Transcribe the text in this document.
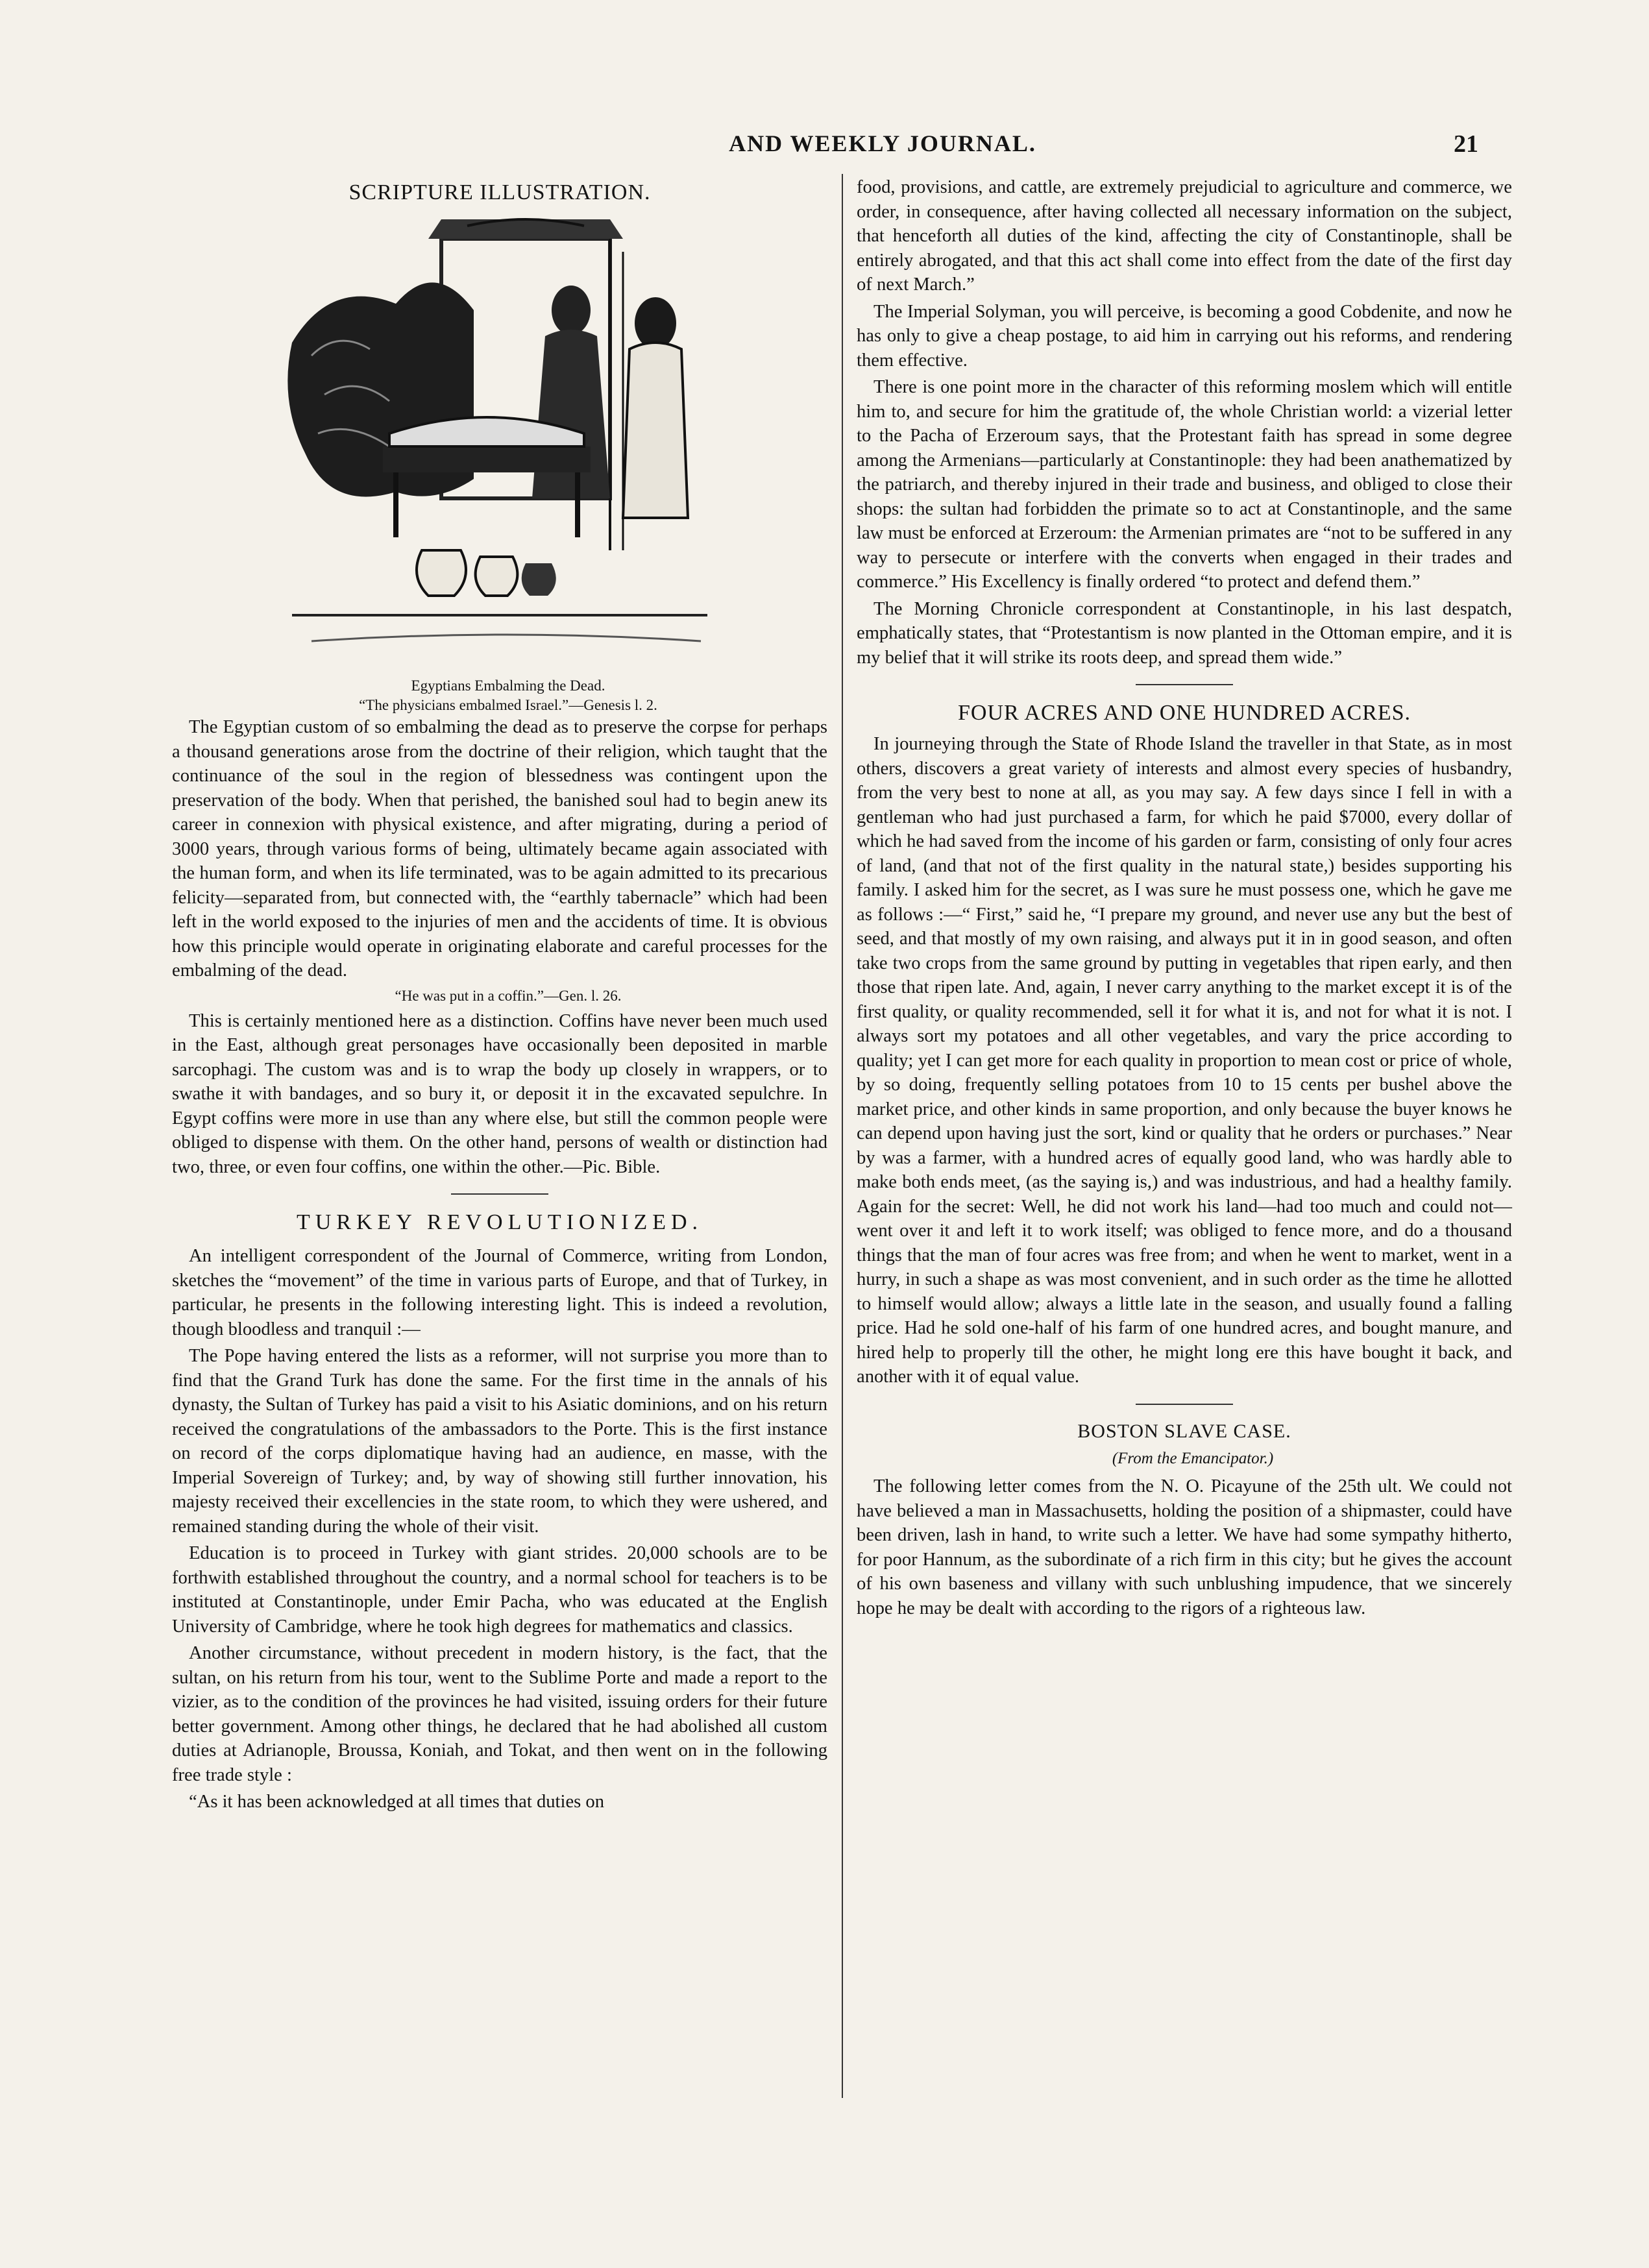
AND WEEKLY JOURNAL.	21
SCRIPTURE ILLUSTRATION.

Egyptians Embalming the Dead.

“The physicians embalmed Israel.”—Genesis l. 2.

The Egyptian custom of so embalming the dead as to preserve the corpse for perhaps a thousand generations arose from the doctrine of their religion, which taught that the continuance of the soul in the region of blessedness was contingent upon the preservation of the body. When that perished, the banished soul had to begin anew its career in connexion with physical existence, and after migrating, during a period of 3000 years, through various forms of being, ultimately became again associated with the human form, and when its life terminated, was to be again admitted to its precarious felicity—separated from, but connected with, the “earthly tabernacle” which had been left in the world exposed to the injuries of men and the accidents of time. It is obvious how this principle would operate in originating elaborate and careful processes for the embalming of the dead.

“He was put in a coffin.”—Gen. l. 26.

This is certainly mentioned here as a distinction. Coffins have never been much used in the East, although great personages have occasionally been deposited in marble sarcophagi. The custom was and is to wrap the body up closely in wrappers, or to swathe it with bandages, and so bury it, or deposit it in the excavated sepulchre. In Egypt coffins were more in use than any where else, but still the common people were obliged to dispense with them. On the other hand, persons of wealth or distinction had two, three, or even four coffins, one within the other.—Pic. Bible.

TURKEY REVOLUTIONIZED.

An intelligent correspondent of the Journal of Commerce, writing from London, sketches the “movement” of the time in various parts of Europe, and that of Turkey, in particular, he presents in the following interesting light. This is indeed a revolution, though bloodless and tranquil :—

The Pope having entered the lists as a reformer, will not surprise you more than to find that the Grand Turk has done the same. For the first time in the annals of his dynasty, the Sultan of Turkey has paid a visit to his Asiatic dominions, and on his return received the congratulations of the ambassadors to the Porte. This is the first instance on record of the corps diplomatique having had an audience, en masse, with the Imperial Sovereign of Turkey; and, by way of showing still further innovation, his majesty received their excellencies in the state room, to which they were ushered, and remained standing during the whole of their visit.

Education is to proceed in Turkey with giant strides. 20,000 schools are to be forthwith established throughout the country, and a normal school for teachers is to be instituted at Constantinople, under Emir Pacha, who was educated at the English University of Cambridge, where he took high degrees for mathematics and classics.

Another circumstance, without precedent in modern history, is the fact, that the sultan, on his return from his tour, went to the Sublime Porte and made a report to the vizier, as to the condition of the provinces he had visited, issuing orders for their future better government. Among other things, he declared that he had abolished all custom duties at Adrianople, Broussa, Koniah, and Tokat, and then went on in the following free trade style :

“As it has been acknowledged at all times that duties on

food, provisions, and cattle, are extremely prejudicial to agriculture and commerce, we order, in consequence, after having collected all necessary information on the subject, that henceforth all duties of the kind, affecting the city of Constantinople, shall be entirely abrogated, and that this act shall come into effect from the date of the first day of next March.”

The Imperial Solyman, you will perceive, is becoming a good Cobdenite, and now he has only to give a cheap postage, to aid him in carrying out his reforms, and rendering them effective.

There is one point more in the character of this reforming moslem which will entitle him to, and secure for him the gratitude of, the whole Christian world: a vizerial letter to the Pacha of Erzeroum says, that the Protestant faith has spread in some degree among the Armenians—particularly at Constantinople: they had been anathematized by the patriarch, and thereby injured in their trade and business, and obliged to close their shops: the sultan had forbidden the primate so to act at Constantinople, and the same law must be enforced at Erzeroum: the Armenian primates are “not to be suffered in any way to persecute or interfere with the converts when engaged in their trades and commerce.” His Excellency is finally ordered “to protect and defend them.”

The Morning Chronicle correspondent at Constantinople, in his last despatch, emphatically states, that “Protestantism is now planted in the Ottoman empire, and it is my belief that it will strike its roots deep, and spread them wide.”

FOUR ACRES AND ONE HUNDRED ACRES.

In journeying through the State of Rhode Island the traveller in that State, as in most others, discovers a great variety of interests and almost every species of husbandry, from the very best to none at all, as you may say. A few days since I fell in with a gentleman who had just purchased a farm, for which he paid $7000, every dollar of which he had saved from the income of his garden or farm, consisting of only four acres of land, (and that not of the first quality in the natural state,) besides supporting his family. I asked him for the secret, as I was sure he must possess one, which he gave me as follows :—“ First,” said he, “I prepare my ground, and never use any but the best of seed, and that mostly of my own raising, and always put it in in good season, and often take two crops from the same ground by putting in vegetables that ripen early, and then those that ripen late. And, again, I never carry anything to the market except it is of the first quality, or quality recommended, sell it for what it is, and not for what it is not. I always sort my potatoes and all other vegetables, and vary the price according to quality; yet I can get more for each quality in proportion to mean cost or price of whole, by so doing, frequently selling potatoes from 10 to 15 cents per bushel above the market price, and other kinds in same proportion, and only because the buyer knows he can depend upon having just the sort, kind or quality that he orders or purchases.” Near by was a farmer, with a hundred acres of equally good land, who was hardly able to make both ends meet, (as the saying is,) and was industrious, and had a healthy family. Again for the secret: Well, he did not work his land—had too much and could not—went over it and left it to work itself; was obliged to fence more, and do a thousand things that the man of four acres was free from; and when he went to market, went in a hurry, in such a shape as was most convenient, and in such order as the time he allotted to himself would allow; always a little late in the season, and usually found a falling price. Had he sold one-half of his farm of one hundred acres, and bought manure, and hired help to properly till the other, he might long ere this have bought it back, and another with it of equal value.

BOSTON SLAVE CASE.

(From the Emancipator.)

The following letter comes from the N. O. Picayune of the 25th ult. We could not have believed a man in Massachusetts, holding the position of a shipmaster, could have been driven, lash in hand, to write such a letter. We have had some sympathy hitherto, for poor Hannum, as the subordinate of a rich firm in this city; but he gives the account of his own baseness and villany with such unblushing impudence, that we sincerely hope he may be dealt with according to the rigors of a righteous law.
